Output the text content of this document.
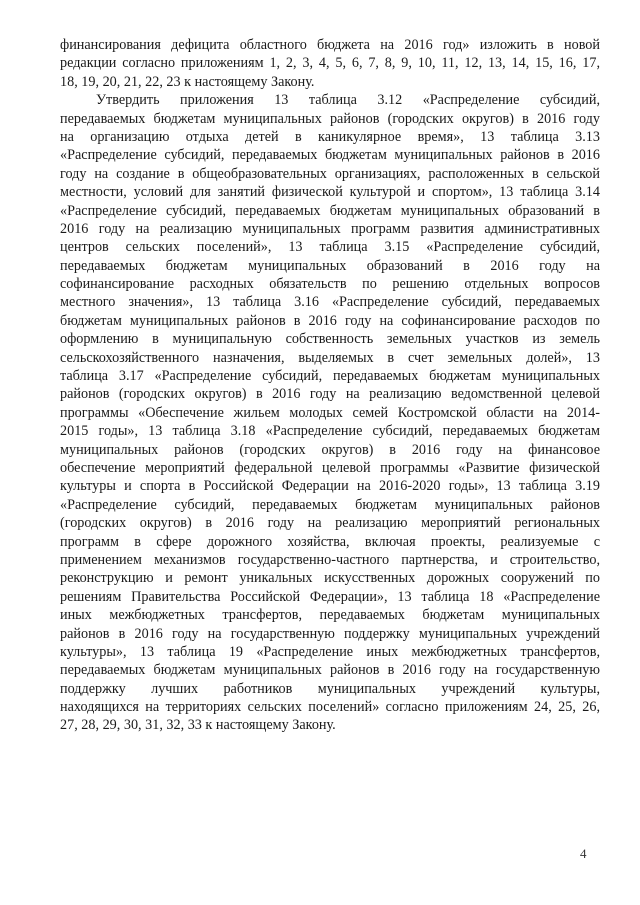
финансирования дефицита областного бюджета на 2016 год» изложить в новой
редакции согласно приложениям 1, 2, 3, 4, 5, 6, 7, 8, 9, 10, 11, 12, 13, 14, 15, 16, 17,
18, 19, 20, 21, 22, 23 к настоящему Закону.
Утвердить приложения 13 таблица 3.12 «Распределение субсидий,
передаваемых бюджетам муниципальных районов (городских округов) в 2016 году
на организацию отдыха детей в каникулярное время», 13 таблица 3.13
«Распределение субсидий, передаваемых бюджетам муниципальных районов в 2016
году на создание в общеобразовательных организациях, расположенных в сельской
местности, условий для занятий физической культурой и спортом», 13 таблица 3.14
«Распределение субсидий, передаваемых бюджетам муниципальных образований в
2016 году на реализацию муниципальных программ развития административных
центров сельских поселений», 13 таблица 3.15 «Распределение субсидий,
передаваемых бюджетам муниципальных образований в 2016 году на
софинансирование расходных обязательств по решению отдельных вопросов
местного значения», 13 таблица 3.16 «Распределение субсидий, передаваемых
бюджетам муниципальных районов в 2016 году на софинансирование расходов по
оформлению в муниципальную собственность земельных участков из земель
сельскохозяйственного назначения, выделяемых в счет земельных долей», 13
таблица 3.17 «Распределение субсидий, передаваемых бюджетам муниципальных
районов (городских округов) в 2016 году на реализацию ведомственной целевой
программы «Обеспечение жильем молодых семей Костромской области на 2014-
2015 годы», 13 таблица 3.18 «Распределение субсидий, передаваемых бюджетам
муниципальных районов (городских округов) в 2016 году на финансовое
обеспечение мероприятий федеральной целевой программы «Развитие физической
культуры и спорта в Российской Федерации на 2016-2020 годы», 13 таблица 3.19
«Распределение субсидий, передаваемых бюджетам муниципальных районов
(городских округов) в 2016 году на реализацию мероприятий региональных
программ в сфере дорожного хозяйства, включая проекты, реализуемые с
применением механизмов государственно-частного партнерства, и строительство,
реконструкцию и ремонт уникальных искусственных дорожных сооружений по
решениям Правительства Российской Федерации», 13 таблица 18 «Распределение
иных межбюджетных трансфертов, передаваемых бюджетам муниципальных
районов в 2016 году на государственную поддержку муниципальных учреждений
культуры», 13 таблица 19 «Распределение иных межбюджетных трансфертов,
передаваемых бюджетам муниципальных районов в 2016 году на государственную
поддержку лучших работников муниципальных учреждений культуры,
находящихся на территориях сельских поселений» согласно приложениям 24, 25, 26,
27, 28, 29, 30, 31, 32, 33 к настоящему Закону.
4
